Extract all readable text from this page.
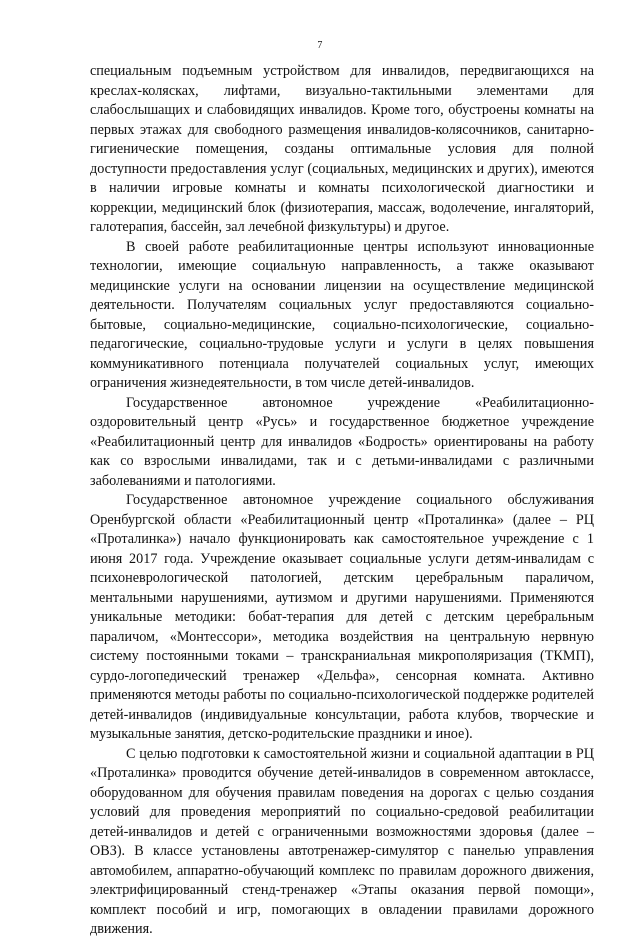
7

специальным подъемным устройством для инвалидов, передвигающихся на креслах-колясках, лифтами, визуально-тактильными элементами для слабослышащих и слабовидящих инвалидов. Кроме того, обустроены комнаты на первых этажах для свободного размещения инвалидов-колясочников, санитарно-гигиенические помещения, созданы оптимальные условия для полной доступности предоставления услуг (социальных, медицинских и других), имеются в наличии игровые комнаты и комнаты психологической диагностики и коррекции, медицинский блок (физиотерапия, массаж, водолечение, ингаляторий, галотерапия, бассейн, зал лечебной физкультуры) и другое.

В своей работе реабилитационные центры используют инновационные технологии, имеющие социальную направленность, а также оказывают медицинские услуги на основании лицензии на осуществление медицинской деятельности. Получателям социальных услуг предоставляются социально-бытовые, социально-медицинские, социально-психологические, социально-педагогические, социально-трудовые услуги и услуги в целях повышения коммуникативного потенциала получателей социальных услуг, имеющих ограничения жизнедеятельности, в том числе детей-инвалидов.

Государственное автономное учреждение «Реабилитационно-оздоровительный центр «Русь» и государственное бюджетное учреждение «Реабилитационный центр для инвалидов «Бодрость» ориентированы на работу как со взрослыми инвалидами, так и с детьми-инвалидами с различными заболеваниями и патологиями.

Государственное автономное учреждение социального обслуживания Оренбургской области «Реабилитационный центр «Проталинка» (далее – РЦ «Проталинка») начало функционировать как самостоятельное учреждение с 1 июня 2017 года. Учреждение оказывает социальные услуги детям-инвалидам с психоневрологической патологией, детским церебральным параличом, ментальными нарушениями, аутизмом и другими нарушениями. Применяются уникальные методики: бобат-терапия для детей с детским церебральным параличом, «Монтессори», методика воздействия на центральную нервную систему постоянными токами – транскраниальная микрополяризация (ТКМП), сурдо-логопедический тренажер «Дельфа», сенсорная комната. Активно применяются методы работы по социально-психологической поддержке родителей детей-инвалидов (индивидуальные консультации, работа клубов, творческие и музыкальные занятия, детско-родительские праздники и иное).

С целью подготовки к самостоятельной жизни и социальной адаптации в РЦ «Проталинка» проводится обучение детей-инвалидов в современном автоклассе, оборудованном для обучения правилам поведения на дорогах с целью создания условий для проведения мероприятий по социально-средовой реабилитации детей-инвалидов и детей с ограниченными возможностями здоровья (далее – ОВЗ). В классе установлены автотренажер-симулятор с панелью управления автомобилем, аппаратно-обучающий комплекс по правилам дорожного движения, электрифицированный стенд-тренажер «Этапы оказания первой помощи», комплект пособий и игр, помогающих в овладении правилами дорожного движения.
